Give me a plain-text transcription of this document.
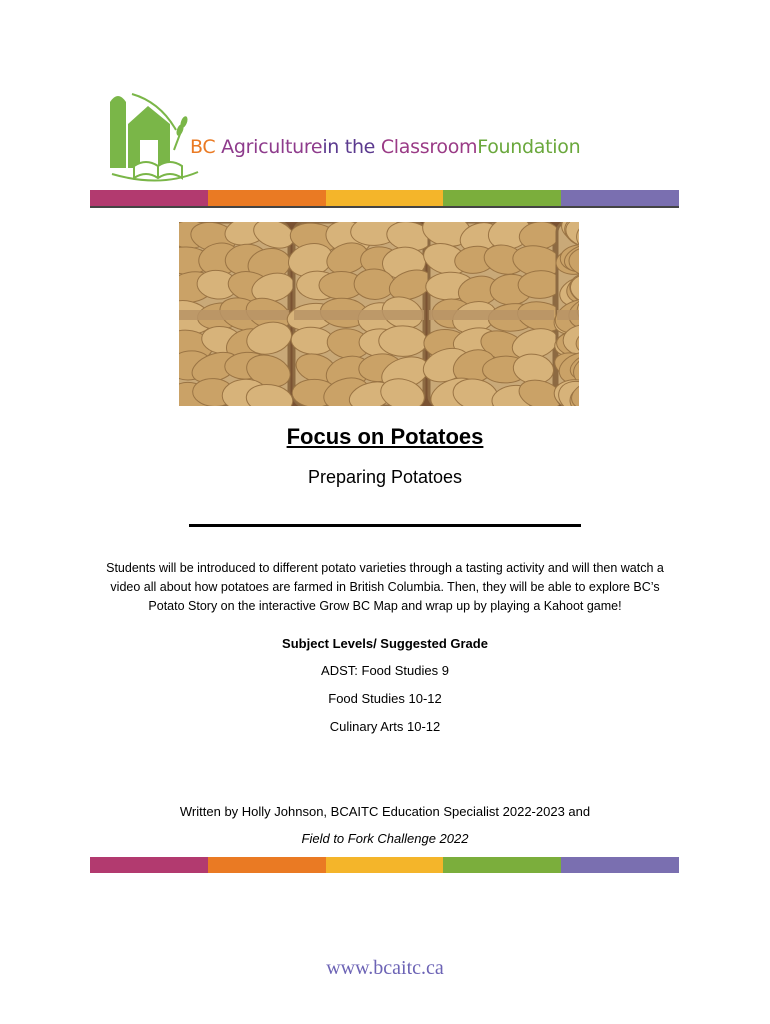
BC Agriculturein the ClassroomFoundation
Focus on Potatoes
Preparing Potatoes
Students will be introduced to different potato varieties through a tasting activity and will then watch a video all about how potatoes are farmed in British Columbia. Then, they will be able to explore BC’s Potato Story on the interactive Grow BC Map and wrap up by playing a Kahoot game!
Subject Levels/ Suggested Grade
ADST: Food Studies 9
Food Studies 10-12
Culinary Arts 10-12
Written by Holly Johnson, BCAITC Education Specialist 2022-2023 and
Field to Fork Challenge 2022
www.bcaitc.ca
